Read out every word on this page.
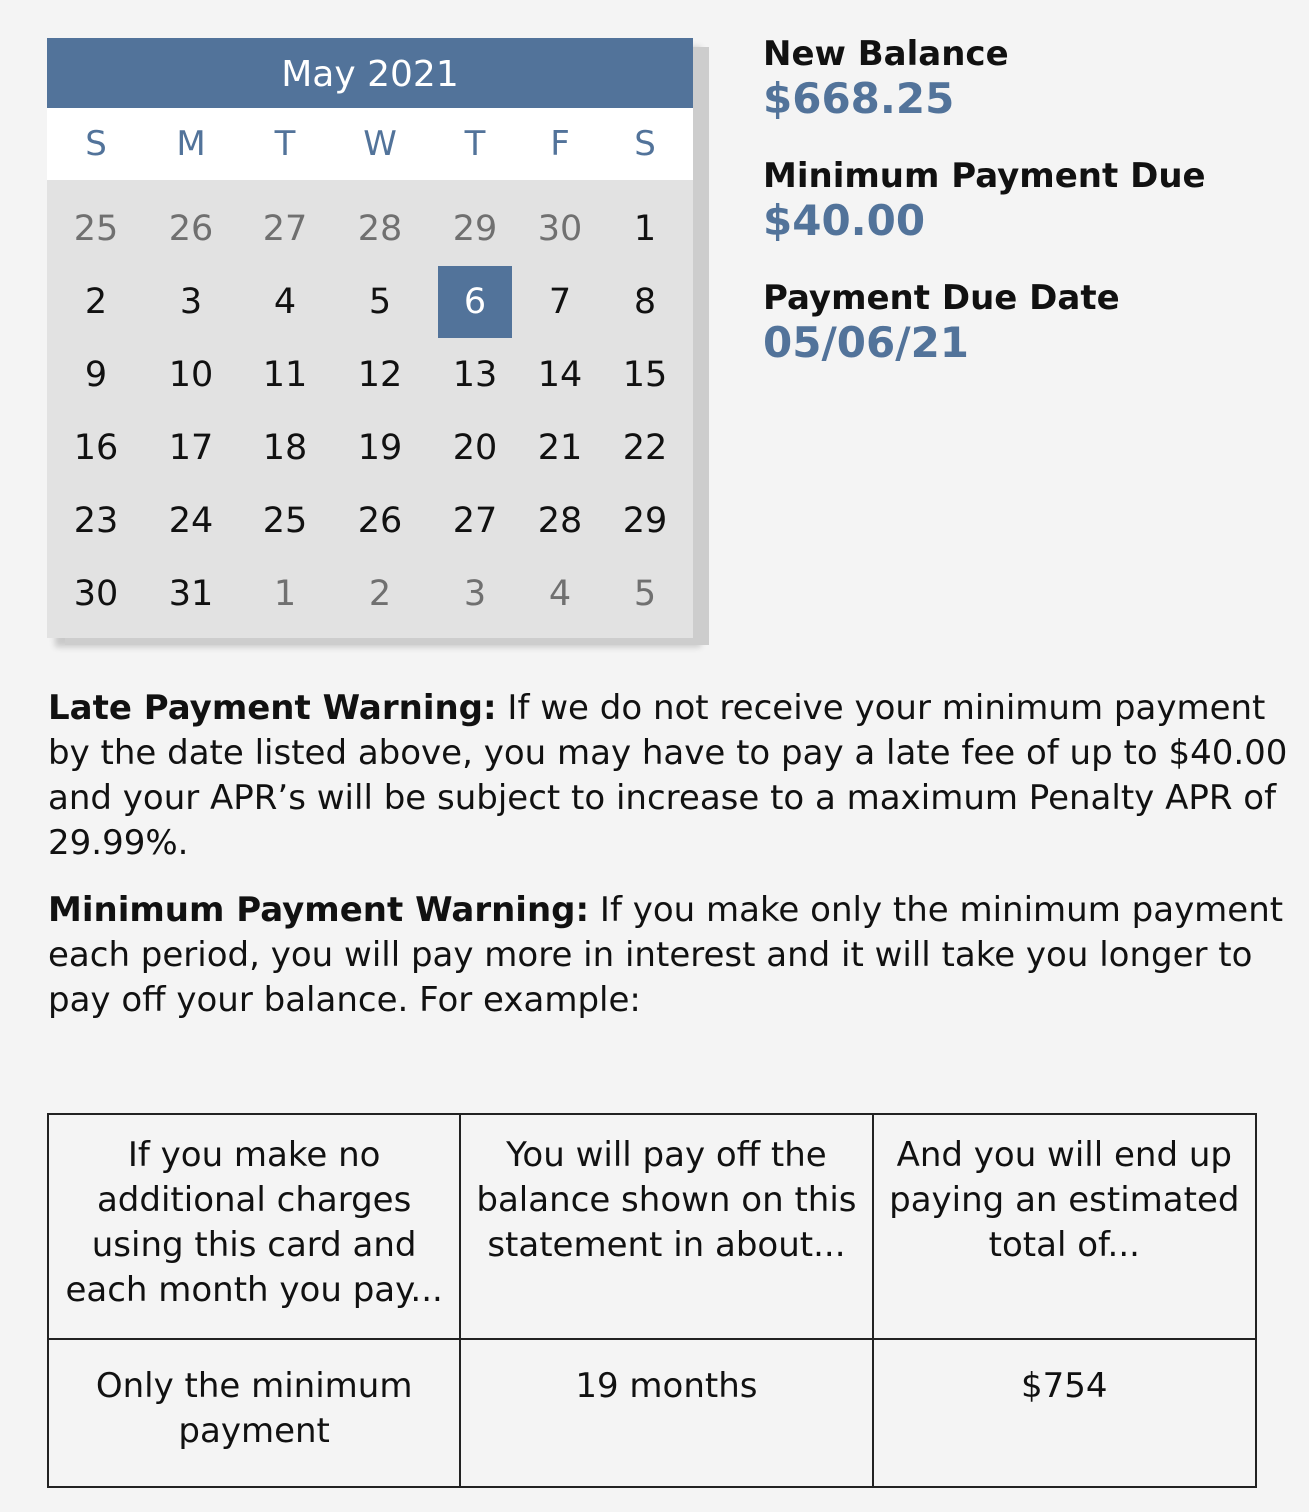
May 2021
S	M	T	W	T	F	S
25	26	27	28	29	30	1
2	3	4	5	6	7	8
9	10	11	12	13	14	15
16	17	18	19	20	21	22
23	24	25	26	27	28	29
30	31	1	2	3	4	5
New Balance
$668.25
Minimum Payment Due
$40.00
Payment Due Date
05/06/21

Late Payment Warning: If we do not receive your minimum payment by the date listed above, you may have to pay a late fee of up to $40.00 and your APR’s will be subject to increase to a maximum Penalty APR of 29.99%.

Minimum Payment Warning: If you make only the minimum payment each period, you will pay more in interest and it will take you longer to pay off your balance. For example:

If you make no additional charges using this card and each month you pay...	You will pay off the balance shown on this statement in about...	And you will end up paying an estimated total of...
Only the minimum payment	19 months	$754
